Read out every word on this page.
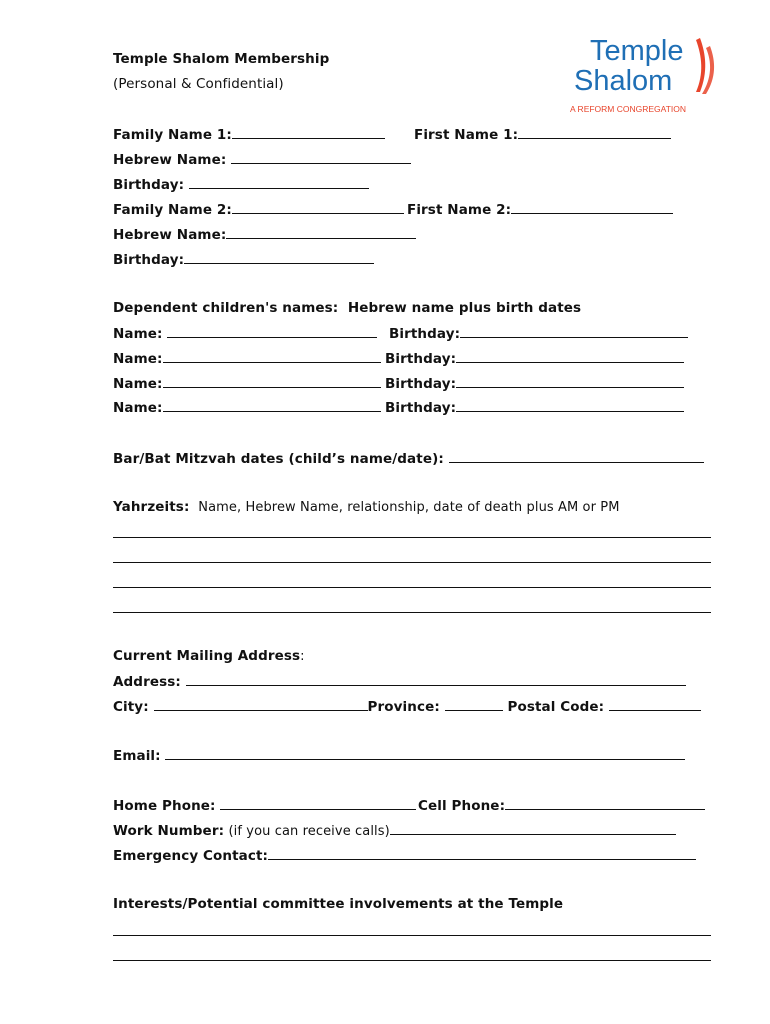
Temple Shalom Membership
(Personal & Confidential)
Temple
Shalom
A REFORM CONGREGATION
Family Name 1:	First Name 1:
Hebrew Name:
Birthday:
Family Name 2:	First Name 2:
Hebrew Name:
Birthday:
Dependent children's names:  Hebrew name plus birth dates
Name:	Birthday:
Name:	Birthday:
Name:	Birthday:
Name:	Birthday:
Bar/Bat Mitzvah dates (child’s name/date):
Yahrzeits: Name, Hebrew Name, relationship, date of death plus AM or PM
Current Mailing Address:
Address:
City:	Province:	Postal Code:
Email:
Home Phone:	Cell Phone:
Work Number: (if you can receive calls)
Emergency Contact:
Interests/Potential committee involvements at the Temple
